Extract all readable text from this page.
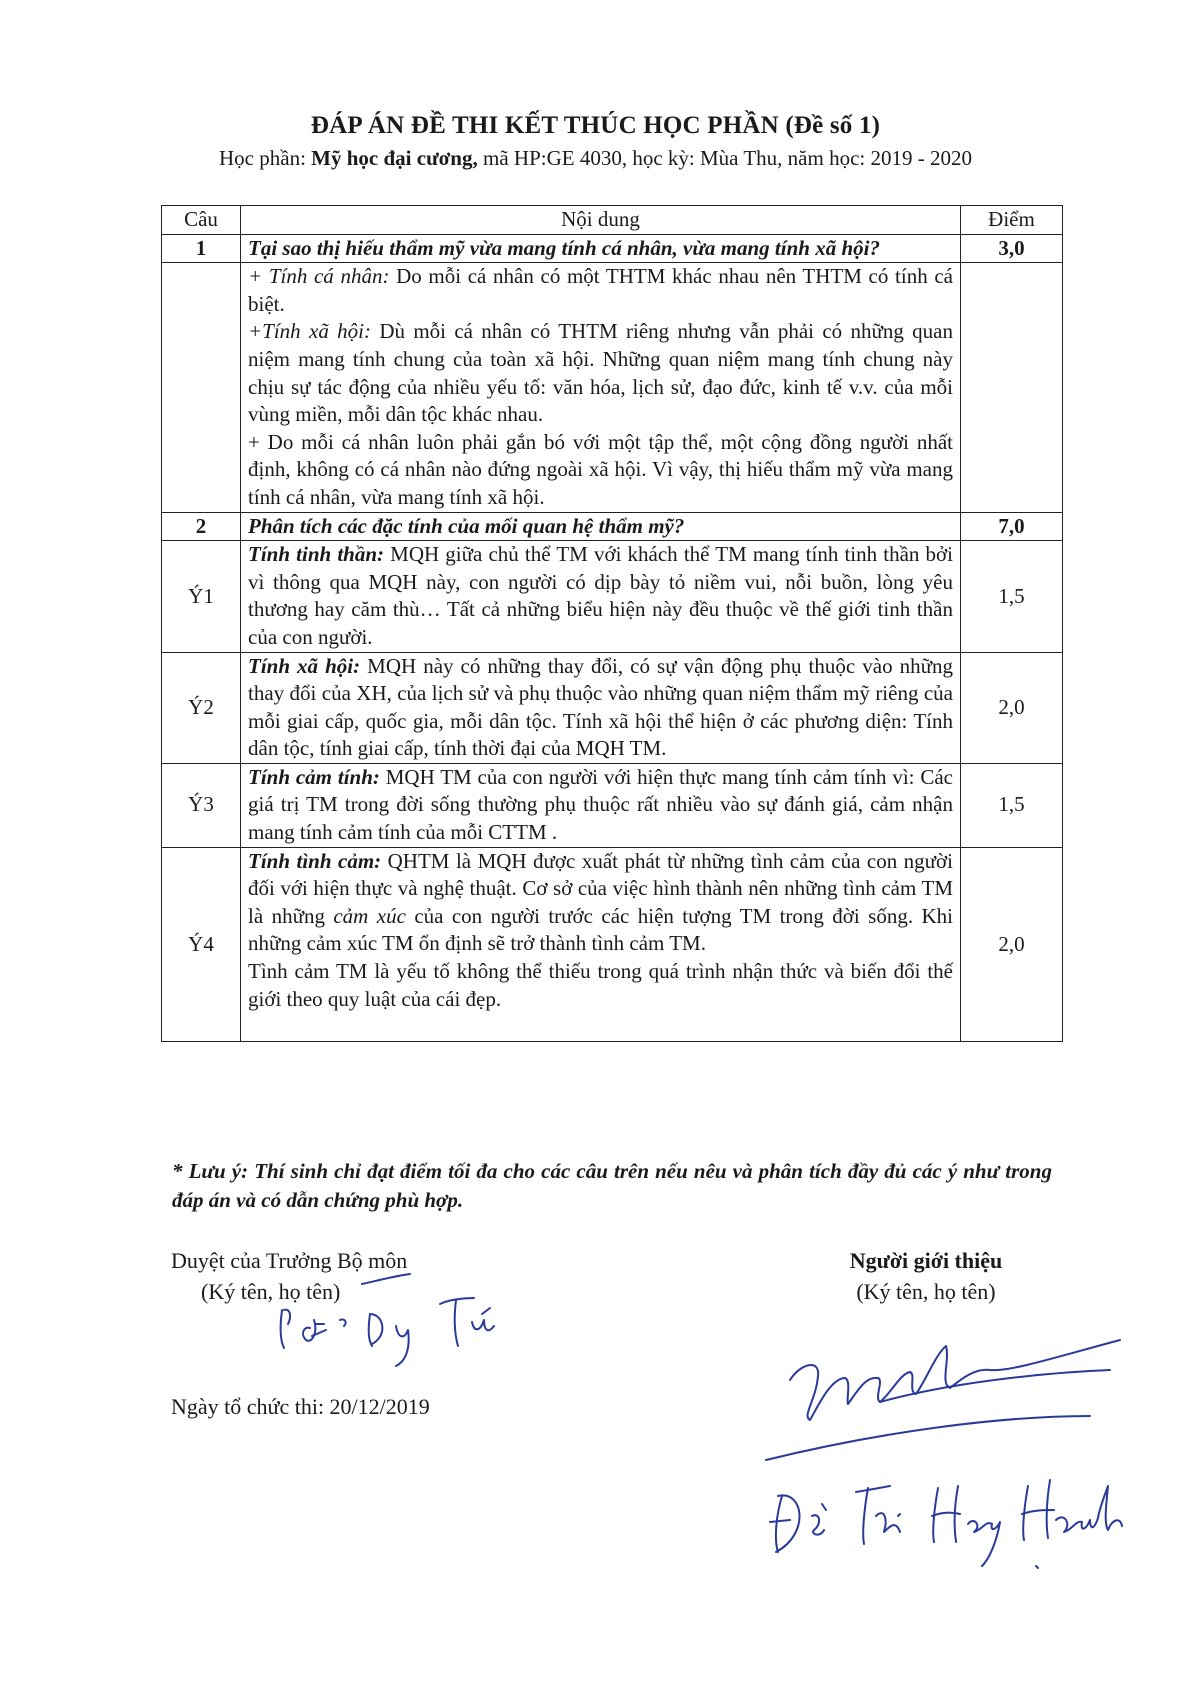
ĐÁP ÁN ĐỀ THI KẾT THÚC HỌC PHẦN (Đề số 1)
Học phần: Mỹ học đại cương, mã HP:GE 4030, học kỳ: Mùa Thu, năm học: 2019 - 2020
Câu	Nội dung	Điểm
1	Tại sao thị hiếu thẩm mỹ vừa mang tính cá nhân, vừa mang tính xã hội?	3,0

	+ Tính cá nhân: Do mỗi cá nhân có một THTM khác nhau nên THTM có tính cá biệt.
+Tính xã hội: Dù mỗi cá nhân có THTM riêng nhưng vẫn phải có những quan niệm mang tính chung của toàn xã hội. Những quan niệm mang tính chung này chịu sự tác động của nhiều yếu tố: văn hóa, lịch sử, đạo đức, kinh tế v.v. của mỗi vùng miền, mỗi dân tộc khác nhau.
+ Do mỗi cá nhân luôn phải gắn bó với một tập thể, một cộng đồng người nhất định, không có cá nhân nào đứng ngoài xã hội. Vì vậy, thị hiếu thẩm mỹ vừa mang tính cá nhân, vừa mang tính xã hội.	

2	Phân tích các đặc tính của mối quan hệ thẩm mỹ?	7,0
Ý1	Tính tinh thần: MQH giữa chủ thể TM với khách thể TM mang tính tinh thần bởi vì thông qua MQH này, con người có dịp bày tỏ niềm vui, nỗi buồn, lòng yêu thương hay căm thù… Tất cả những biểu hiện này đều thuộc về thế giới tinh thần của con người.	1,5
Ý2	Tính xã hội: MQH này có những thay đổi, có sự vận động phụ thuộc vào những thay đổi của XH, của lịch sử và phụ thuộc vào những quan niệm thẩm mỹ riêng của mỗi giai cấp, quốc gia, mỗi dân tộc. Tính xã hội thể hiện ở các phương diện: Tính dân tộc, tính giai cấp, tính thời đại của MQH TM.	2,0
Ý3	Tính cảm tính: MQH TM của con người với hiện thực mang tính cảm tính vì: Các giá trị TM trong đời sống thường phụ thuộc rất nhiều vào sự đánh giá, cảm nhận mang tính cảm tính của mỗi CTTM .	1,5
Ý4	Tính tình cảm: QHTM là MQH được xuất phát từ những tình cảm của con người đối với hiện thực và nghệ thuật. Cơ sở của việc hình thành nên những tình cảm TM là những cảm xúc của con người trước các hiện tượng TM trong đời sống. Khi những cảm xúc TM ổn định sẽ trở thành tình cảm TM.
Tình cảm TM là yếu tố không thể thiếu trong quá trình nhận thức và biến đổi thế giới theo quy luật của cái đẹp.	2,0
* Lưu ý: Thí sinh chỉ đạt điểm tối đa cho các câu trên nếu nêu và phân tích đầy đủ các ý như trong đáp án và có dẫn chứng phù hợp.
Duyệt của Trưởng Bộ môn
(Ký tên, họ tên)
Người giới thiệu
(Ký tên, họ tên)
Ngày tổ chức thi: 20/12/2019
